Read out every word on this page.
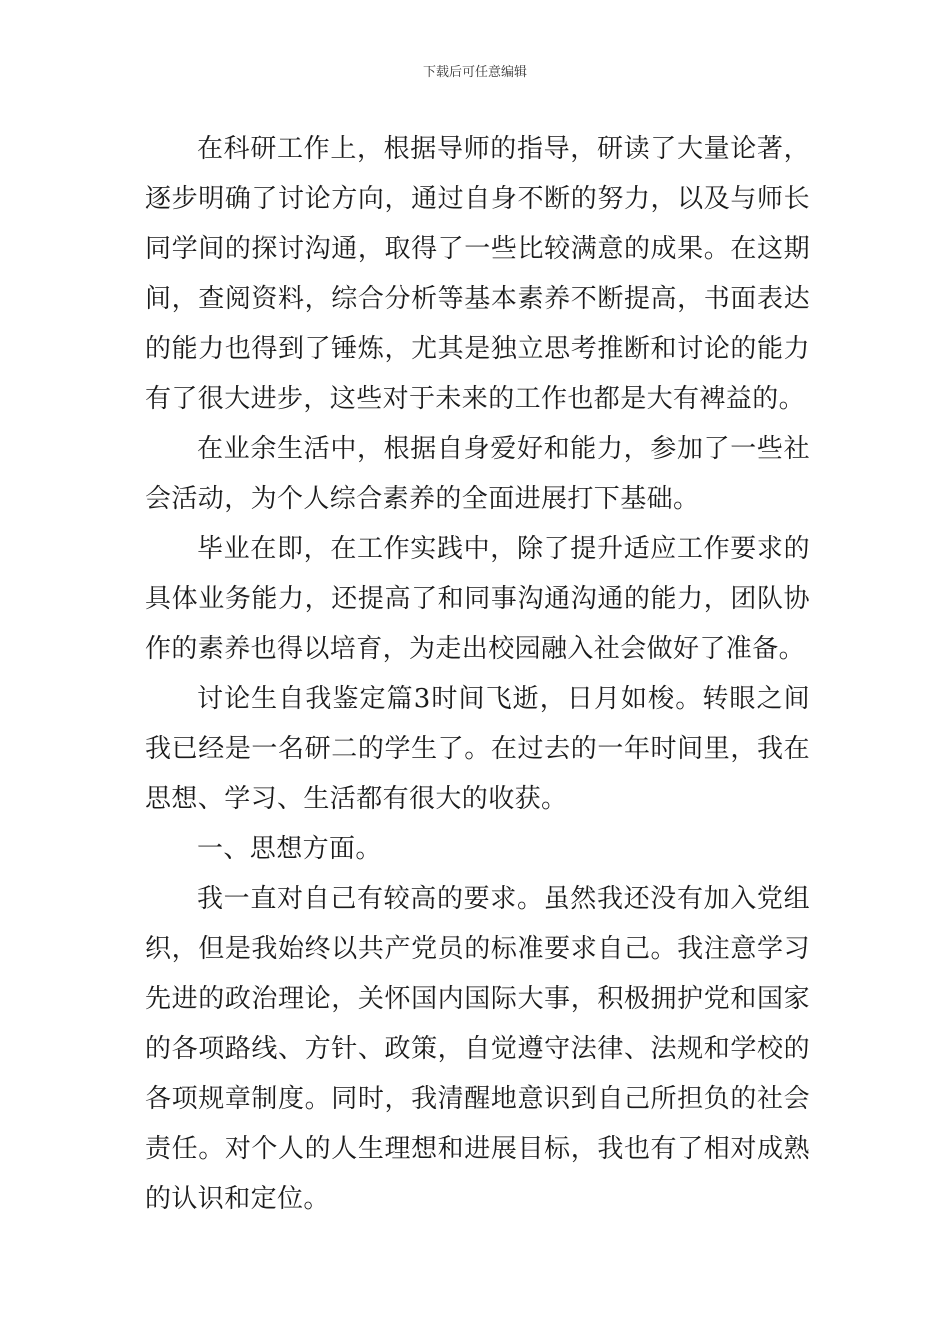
下载后可任意编辑

在科研工作上，根据导师的指导，研读了大量论著，逐步明确了讨论方向，通过自身不断的努力，以及与师长同学间的探讨沟通，取得了一些比较满意的成果。在这期间，查阅资料，综合分析等基本素养不断提高，书面表达的能力也得到了锤炼，尤其是独立思考推断和讨论的能力有了很大进步，这些对于未来的工作也都是大有裨益的。

在业余生活中，根据自身爱好和能力，参加了一些社会活动，为个人综合素养的全面进展打下基础。

毕业在即，在工作实践中，除了提升适应工作要求的具体业务能力，还提高了和同事沟通沟通的能力，团队协作的素养也得以培育，为走出校园融入社会做好了准备。

讨论生自我鉴定篇3时间飞逝，日月如梭。转眼之间我已经是一名研二的学生了。在过去的一年时间里，我在思想、学习、生活都有很大的收获。

一、思想方面。

我一直对自己有较高的要求。虽然我还没有加入党组织，但是我始终以共产党员的标准要求自己。我注意学习先进的政治理论，关怀国内国际大事，积极拥护党和国家的各项路线、方针、政策，自觉遵守法律、法规和学校的各项规章制度。同时，我清醒地意识到自己所担负的社会责任。对个人的人生理想和进展目标，我也有了相对成熟的认识和定位。
